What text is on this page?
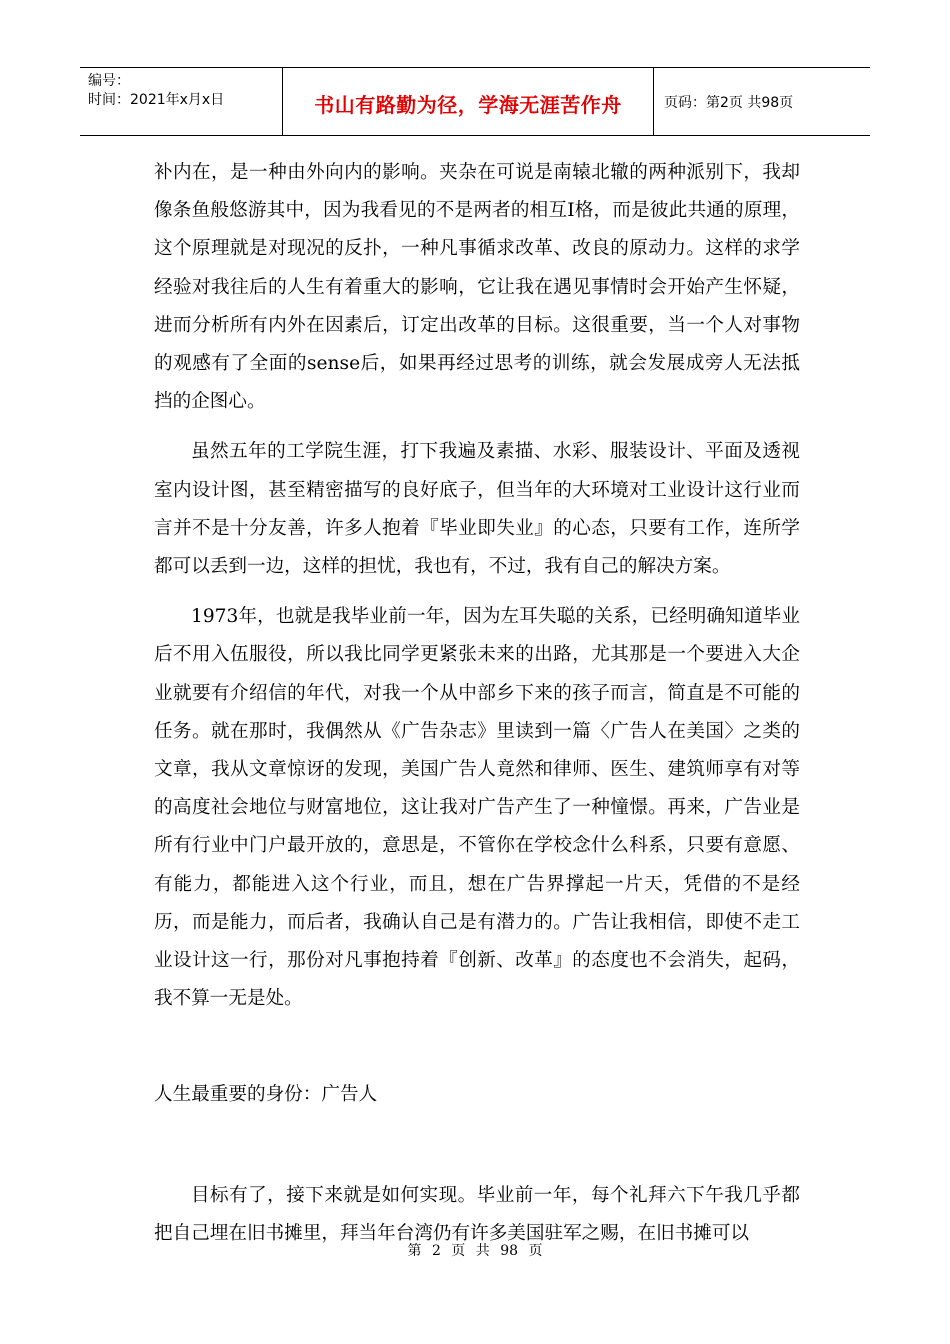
编号：
时间：2021年x月x日	书山有路勤为径，学海无涯苦作舟	页码：第2页 共98页

补内在，是一种由外向内的影响。夹杂在可说是南辕北辙的两种派别下，我却像条鱼般悠游其中，因为我看见的不是两者的相互Ⅰ格，而是彼此共通的原理，这个原理就是对现况的反扑，一种凡事循求改革、改良的原动力。这样的求学经验对我往后的人生有着重大的影响，它让我在遇见事情时会开始产生怀疑，进而分析所有内外在因素后，订定出改革的目标。这很重要，当一个人对事物的观感有了全面的sense后，如果再经过思考的训练，就会发展成旁人无法抵挡的企图心。

虽然五年的工学院生涯，打下我遍及素描、水彩、服装设计、平面及透视室内设计图，甚至精密描写的良好底子，但当年的大环境对工业设计这行业而言并不是十分友善，许多人抱着『毕业即失业』的心态，只要有工作，连所学都可以丢到一边，这样的担忧，我也有，不过，我有自己的解决方案。

1973年，也就是我毕业前一年，因为左耳失聪的关系，已经明确知道毕业后不用入伍服役，所以我比同学更紧张未来的出路，尤其那是一个要进入大企业就要有介绍信的年代，对我一个从中部乡下来的孩子而言，简直是不可能的任务。就在那时，我偶然从《广告杂志》里读到一篇〈广告人在美国〉之类的文章，我从文章惊讶的发现，美国广告人竟然和律师、医生、建筑师享有对等的高度社会地位与财富地位，这让我对广告产生了一种憧憬。再来，广告业是所有行业中门户最开放的，意思是，不管你在学校念什么科系，只要有意愿、有能力，都能进入这个行业，而且，想在广告界撑起一片天，凭借的不是经历，而是能力，而后者，我确认自己是有潜力的。广告让我相信，即使不走工业设计这一行，那份对凡事抱持着『创新、改革』的态度也不会消失，起码，我不算一无是处。

人生最重要的身份：广告人

目标有了，接下来就是如何实现。毕业前一年，每个礼拜六下午我几乎都把自己埋在旧书摊里，拜当年台湾仍有许多美国驻军之赐，在旧书摊可以

第 2 页 共 98 页
